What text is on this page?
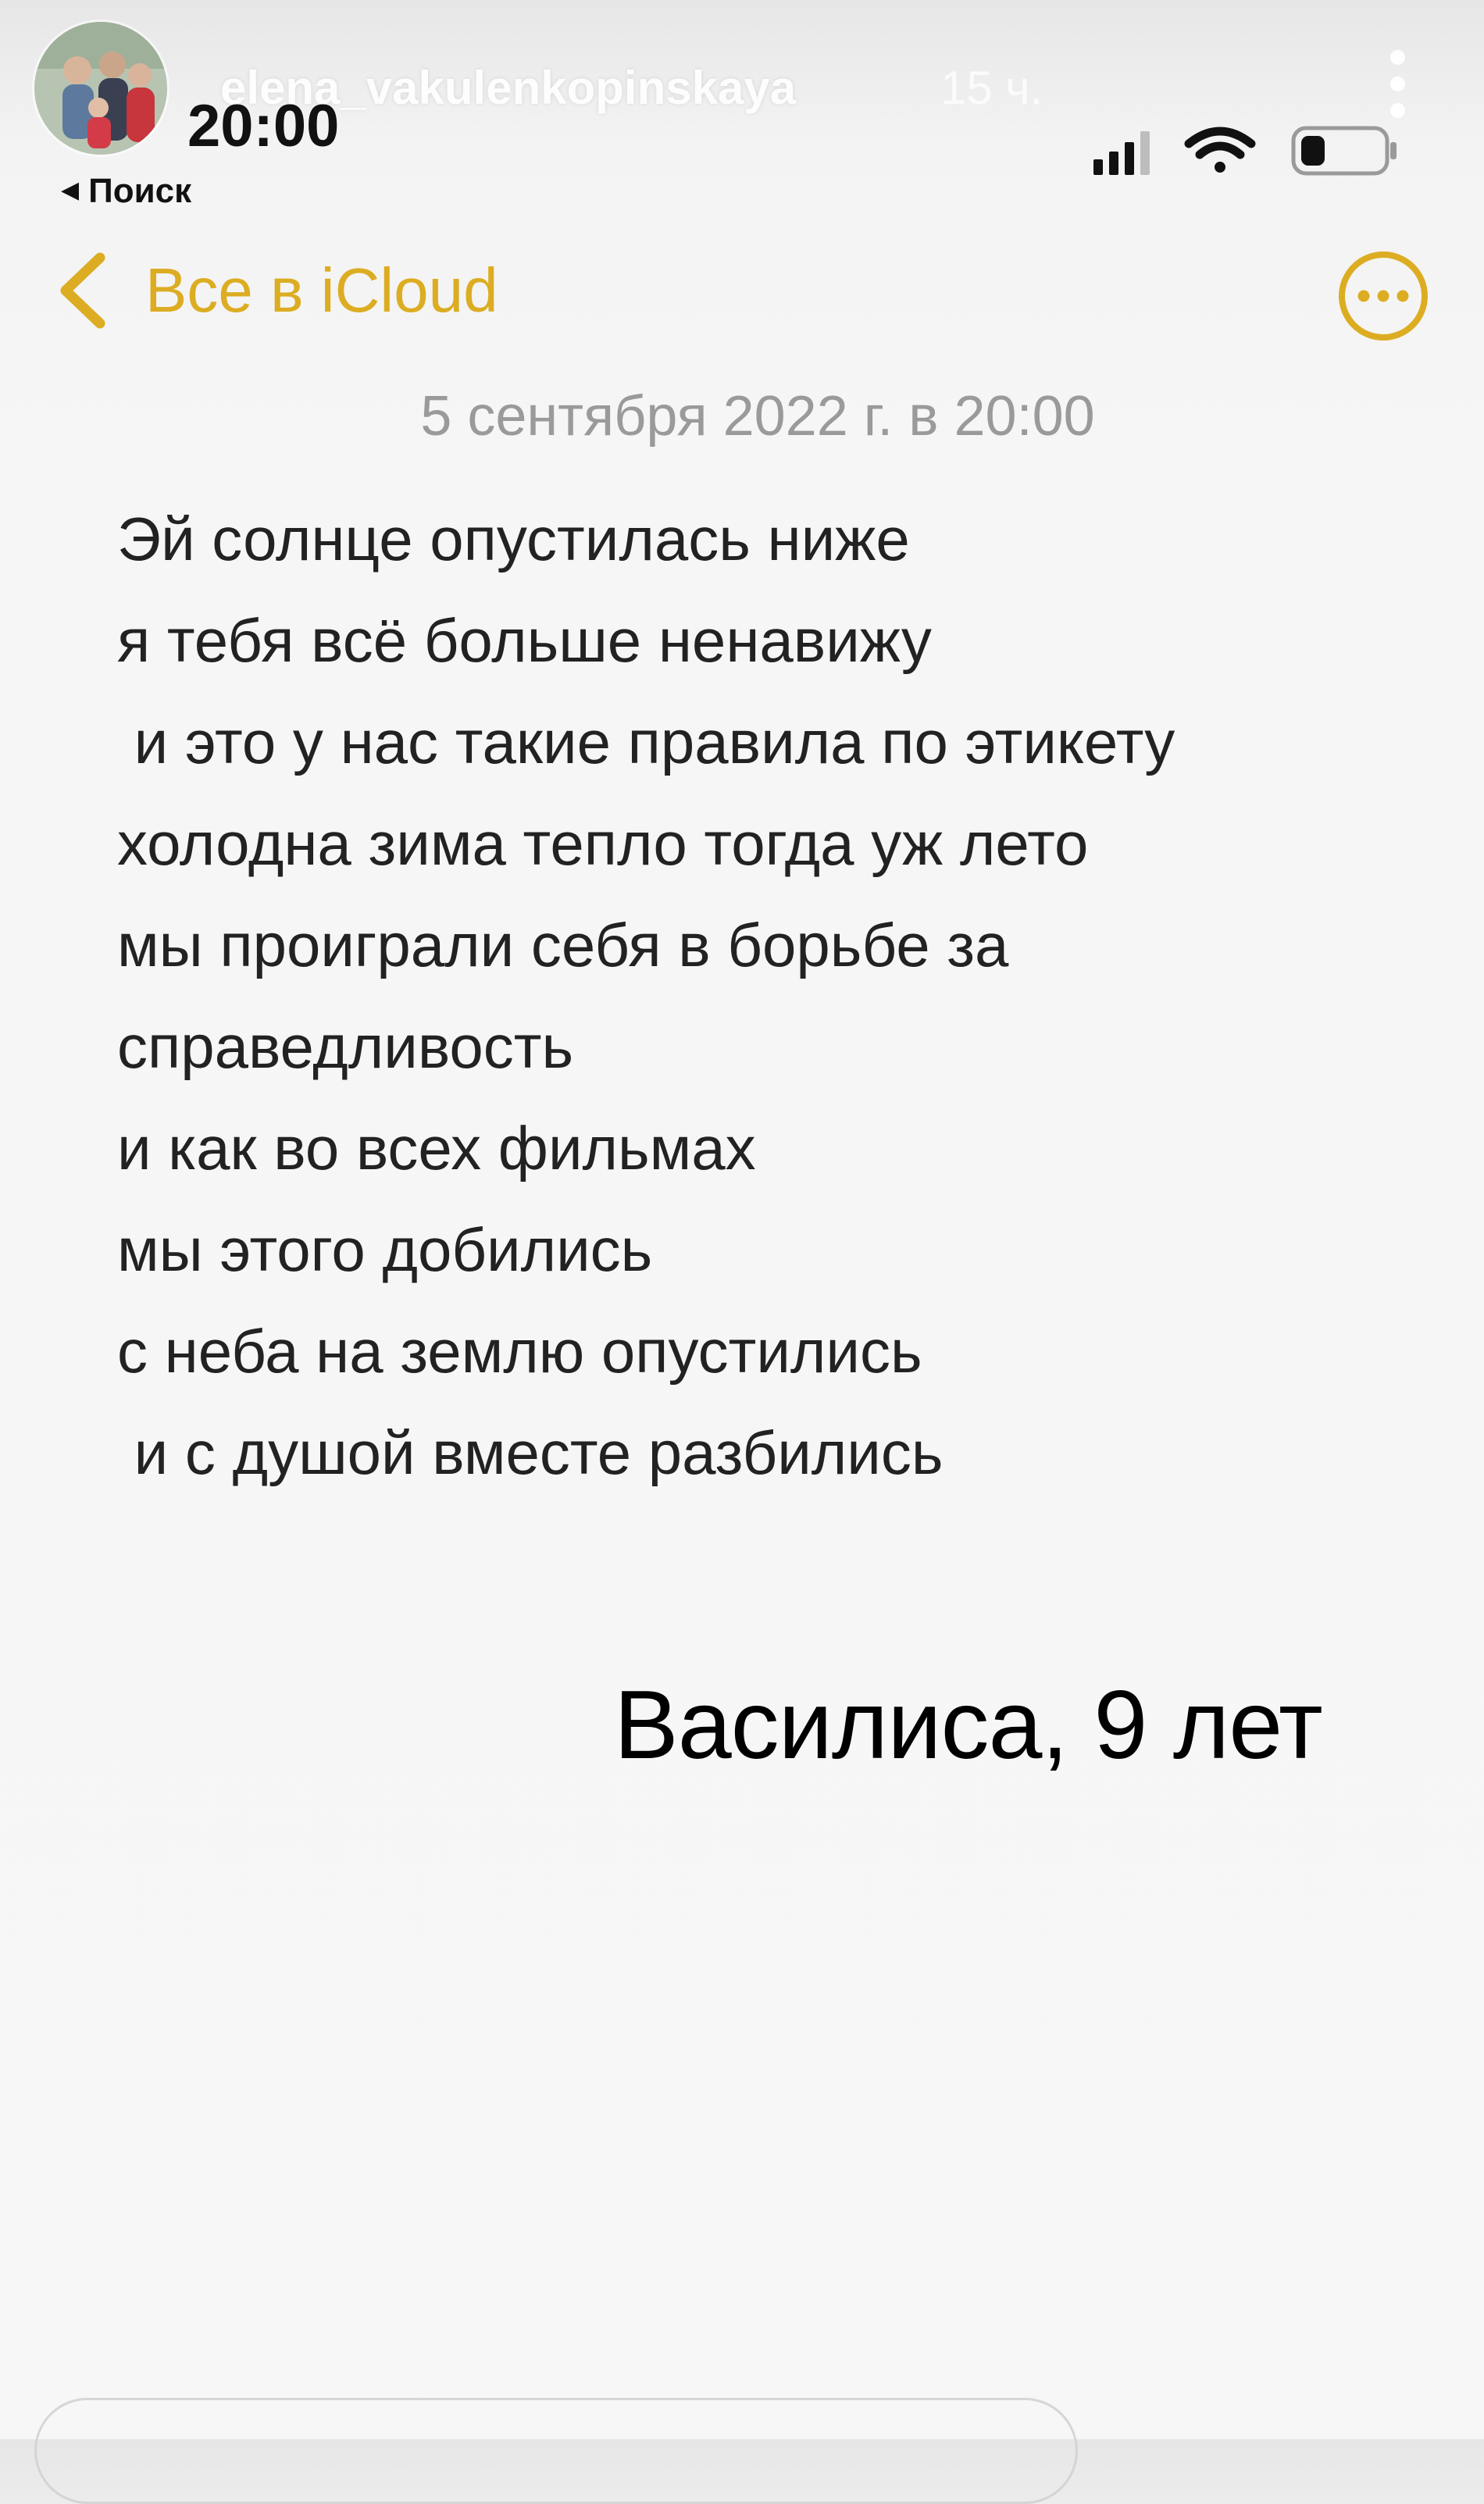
elena_vakulenkopinskaya	15 ч.
20:00
◀ Поиск
Все в iCloud
5 сентября 2022 г. в 20:00
Эй солнце опустилась ниже
я тебя всё больше ненавижу
и это у нас такие правила по этикету
холодна зима тепло тогда уж лето
мы проиграли себя в борьбе за
справедливость
и как во всех фильмах
мы этого добились
с неба на землю опустились
и с душой вместе разбились
Василиса, 9 лет
